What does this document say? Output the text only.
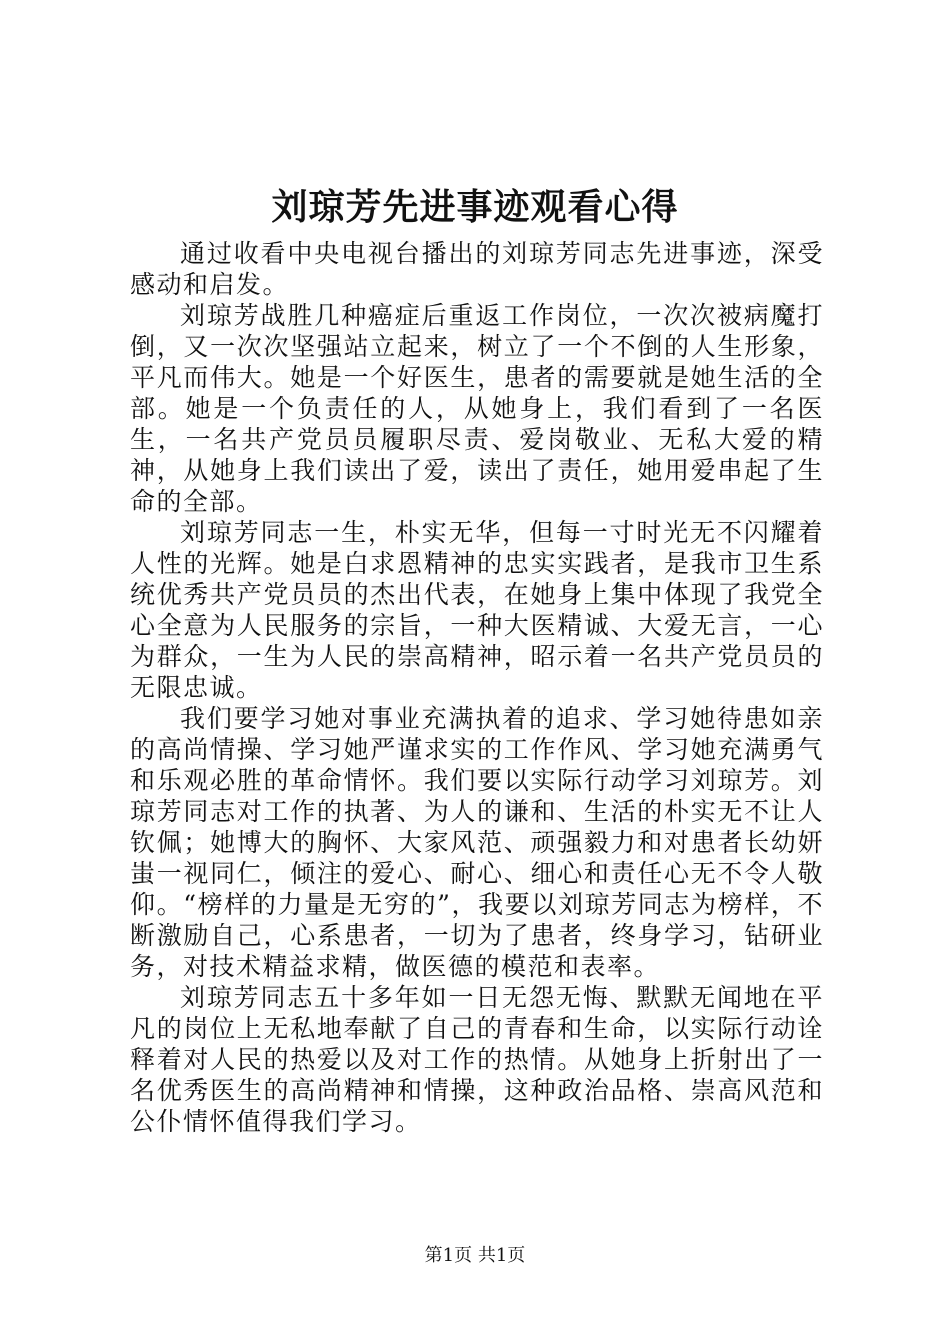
刘琼芳先进事迹观看心得

通过收看中央电视台播出的刘琼芳同志先进事迹，深受感动和启发。

刘琼芳战胜几种癌症后重返工作岗位，一次次被病魔打倒，又一次次坚强站立起来，树立了一个不倒的人生形象，平凡而伟大。她是一个好医生，患者的需要就是她生活的全部。她是一个负责任的人，从她身上，我们看到了一名医生，一名共产党员员履职尽责、爱岗敬业、无私大爱的精神，从她身上我们读出了爱，读出了责任，她用爱串起了生命的全部。

刘琼芳同志一生，朴实无华，但每一寸时光无不闪耀着人性的光辉。她是白求恩精神的忠实实践者，是我市卫生系统优秀共产党员员的杰出代表，在她身上集中体现了我党全心全意为人民服务的宗旨，一种大医精诚、大爱无言，一心为群众，一生为人民的崇高精神，昭示着一名共产党员员的无限忠诚。

我们要学习她对事业充满执着的追求、学习她待患如亲的高尚情操、学习她严谨求实的工作作风、学习她充满勇气和乐观必胜的革命情怀。我们要以实际行动学习刘琼芳。刘琼芳同志对工作的执著、为人的谦和、生活的朴实无不让人钦佩；她博大的胸怀、大家风范、顽强毅力和对患者长幼妍蚩一视同仁，倾注的爱心、耐心、细心和责任心无不令人敬仰。“榜样的力量是无穷的”，我要以刘琼芳同志为榜样，不断激励自己，心系患者，一切为了患者，终身学习，钻研业务，对技术精益求精，做医德的模范和表率。

刘琼芳同志五十多年如一日无怨无悔、默默无闻地在平凡的岗位上无私地奉献了自己的青春和生命，以实际行动诠释着对人民的热爱以及对工作的热情。从她身上折射出了一名优秀医生的高尚精神和情操，这种政治品格、崇高风范和公仆情怀值得我们学习。

第1页 共1页
